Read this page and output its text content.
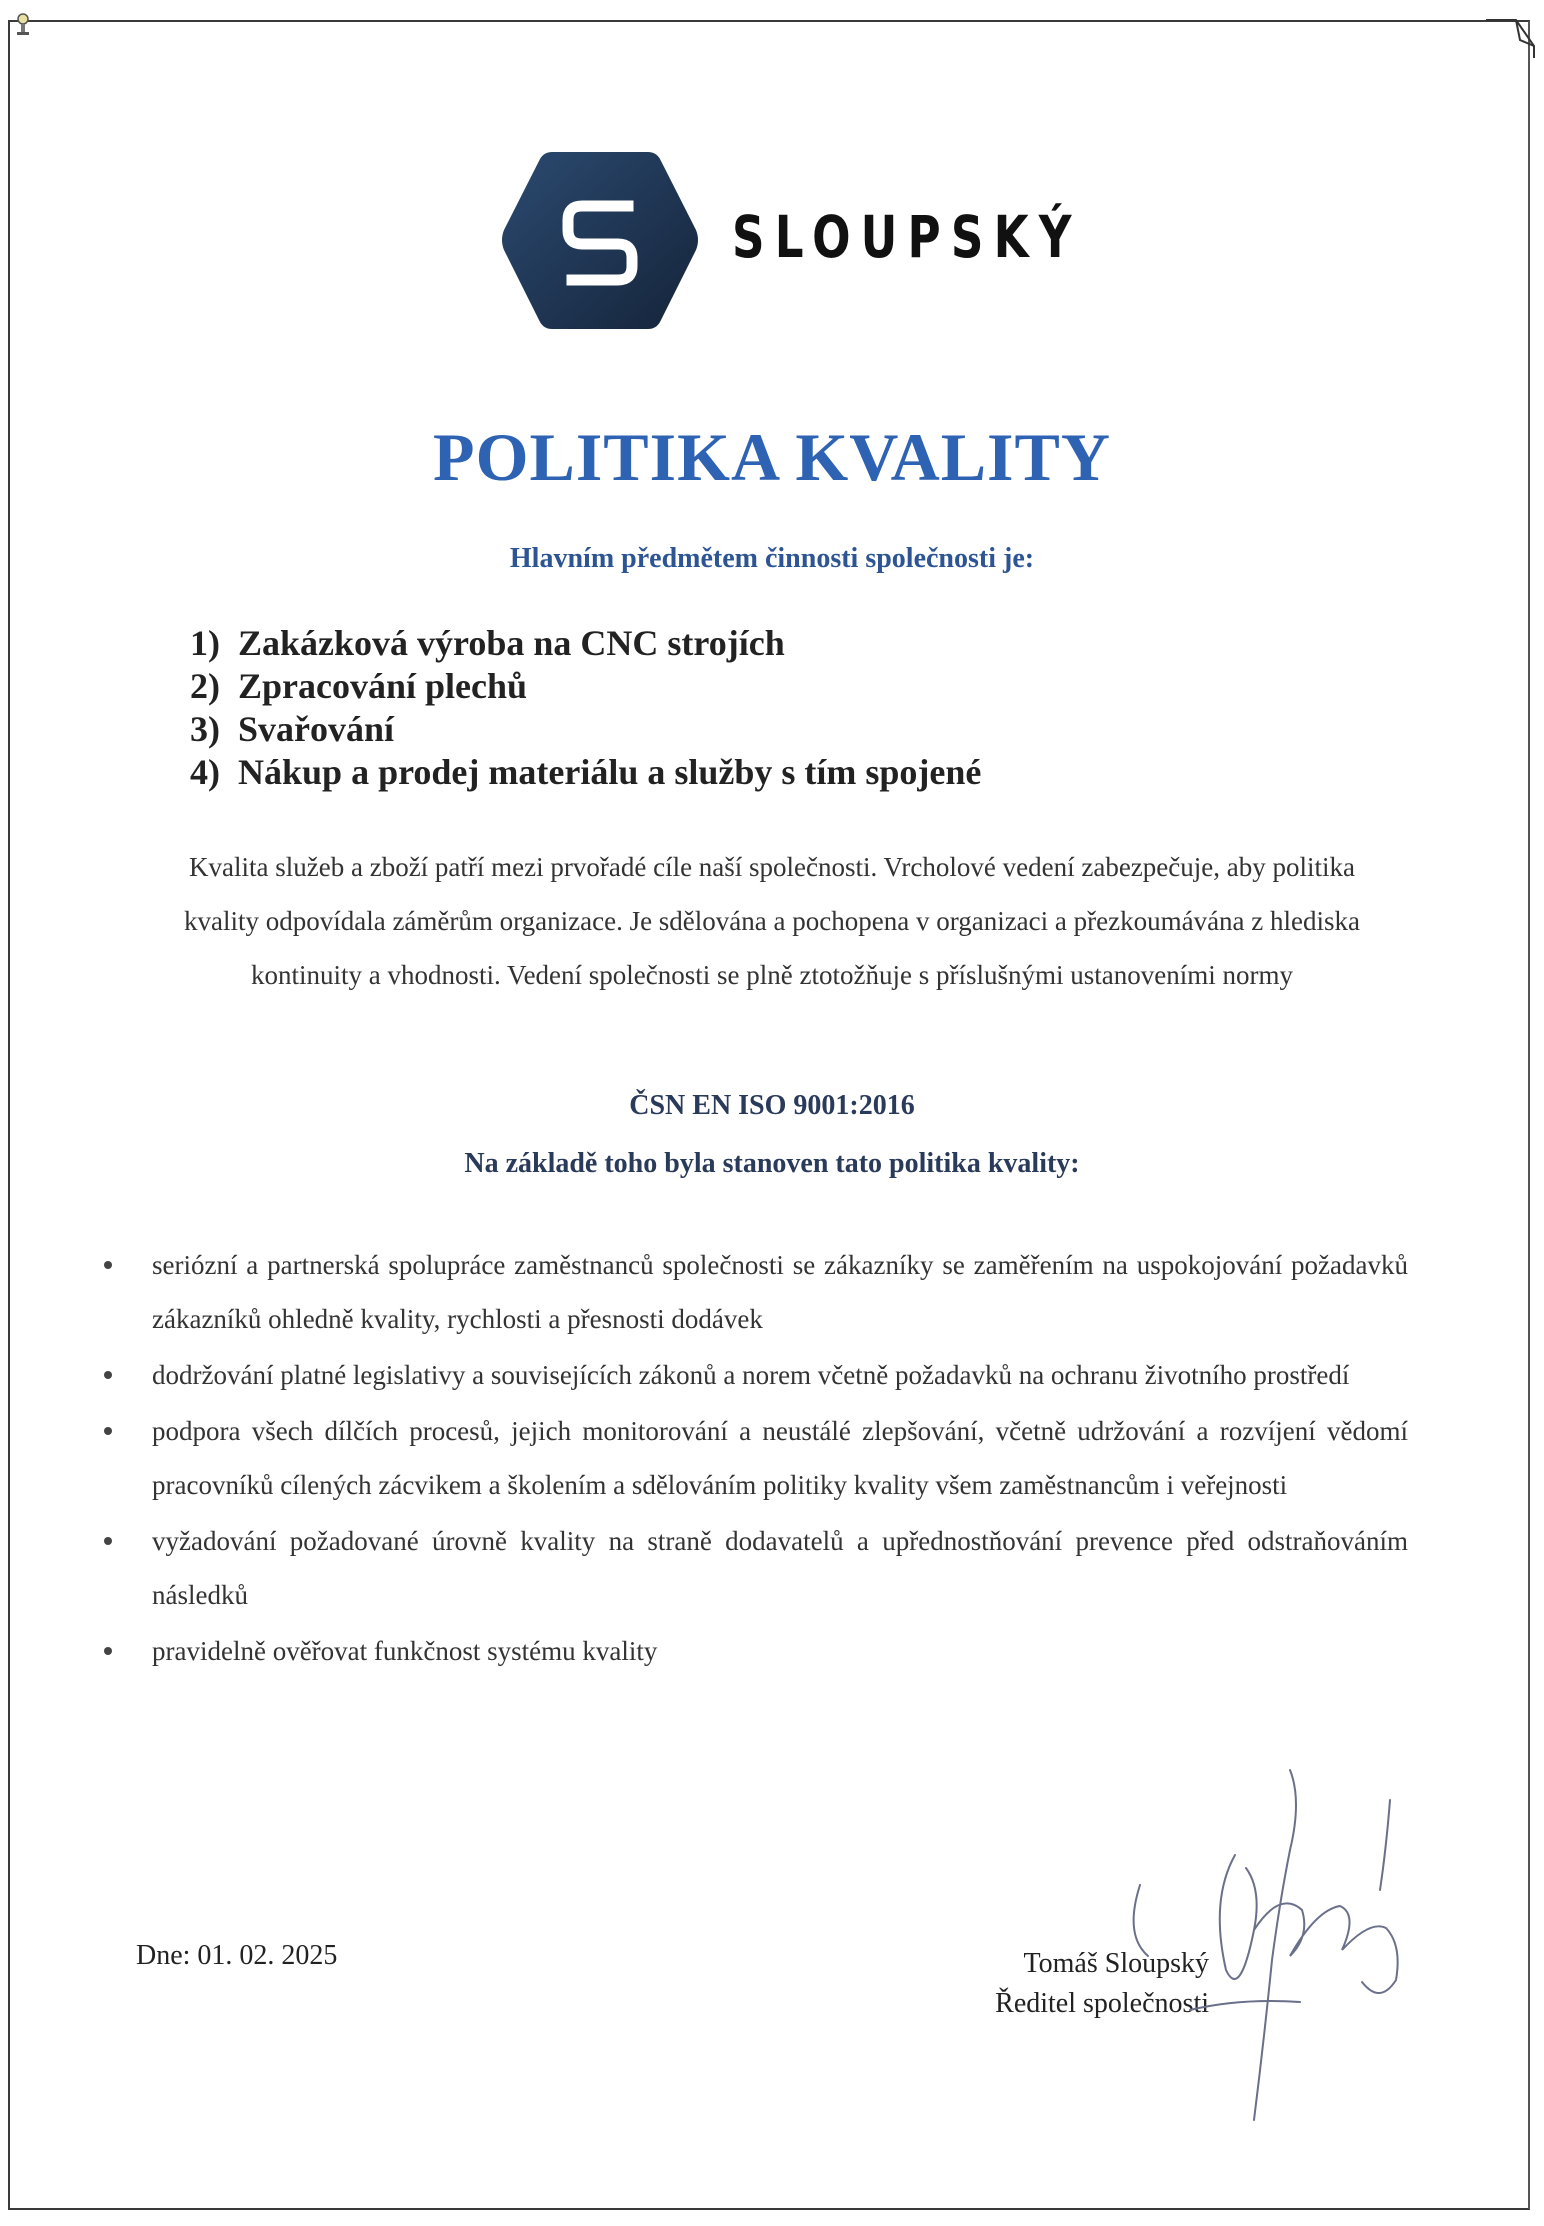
SLOUPSKÝ
POLITIKA KVALITY
Hlavním předmětem činnosti společnosti je:
1) Zakázková výroba na CNC strojích
2) Zpracování plechů
3) Svařování
4) Nákup a prodej materiálu a služby s tím spojené
Kvalita služeb a zboží patří mezi prvořadé cíle naší společnosti. Vrcholové vedení zabezpečuje, aby politika kvality odpovídala záměrům organizace. Je sdělována a pochopena v organizaci a přezkoumávána z hlediska kontinuity a vhodnosti. Vedení společnosti se plně ztotožňuje s příslušnými ustanoveními normy
ČSN EN ISO 9001:2016
Na základě toho byla stanoven tato politika kvality:
seriózní a partnerská spolupráce zaměstnanců společnosti se zákazníky se zaměřením na uspokojování požadavků zákazníků ohledně kvality, rychlosti a přesnosti dodávek
dodržování platné legislativy a souvisejících zákonů a norem včetně požadavků na ochranu životního prostředí
podpora všech dílčích procesů, jejich monitorování a neustálé zlepšování, včetně udržování a rozvíjení vědomí pracovníků cílených zácvikem a školením a sdělováním politiky kvality všem zaměstnancům i veřejnosti
vyžadování požadované úrovně kvality na straně dodavatelů a upřednostňování prevence před odstraňováním následků
pravidelně ověřovat funkčnost systému kvality
Dne: 01. 02. 2025	Tomáš Sloupský
Ředitel společnosti
